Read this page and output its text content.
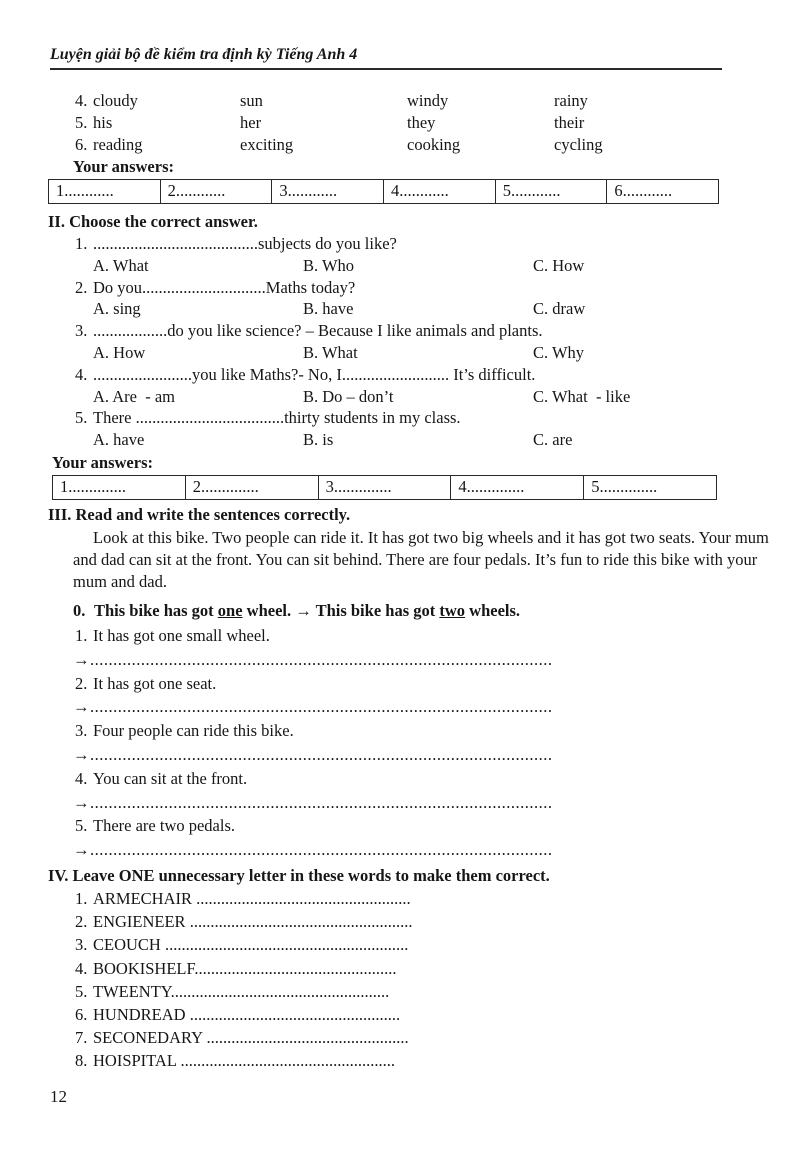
Luyện giải bộ đề kiểm tra định kỳ Tiếng Anh 4
4. cloudy	sun	windy	rainy
5. his	her	they	their
6. reading	exciting	cooking	cycling
Your answers:
1............	2............	3............	4............	5............	6............
II. Choose the correct answer.
1. ........................................subjects do you like?
A. What	B. Who	C. How
2. Do you..............................Maths today?
A. sing	B. have	C. draw
3. ..................do you like science? – Because I like animals and plants.
A. How	B. What	C. Why
4. ........................you like Maths?- No, I.......................... It’s difficult.
A. Are  - am	B. Do – don’t	C. What  - like
5. There ....................................thirty students in my class.
A. have	B. is	C. are
Your answers:
1..............	2..............	3..............	4..............	5..............
III. Read and write the sentences correctly.
Look at this bike. Two people can ride it. It has got two big wheels and it has got two seats. Your mum and dad can sit at the front. You can sit behind. There are four pedals. It’s fun to ride this bike with your mum and dad.
0. This bike has got one wheel. → This bike has got two wheels.
1. It has got one small wheel.
→....................................................................................................
2. It has got one seat.
→....................................................................................................
3. Four people can ride this bike.
→....................................................................................................
4. You can sit at the front.
→....................................................................................................
5. There are two pedals.
→....................................................................................................
IV. Leave ONE unnecessary letter in these words to make them correct.
1. ARMECHAIR ....................................................
2. ENGIENEER ......................................................
3. CEOUCH ...........................................................
4. BOOKISHELF.................................................
5. TWEENTY.....................................................
6. HUNDREAD ...................................................
7. SECONEDARY .................................................
8. HOISPITAL ....................................................
12
